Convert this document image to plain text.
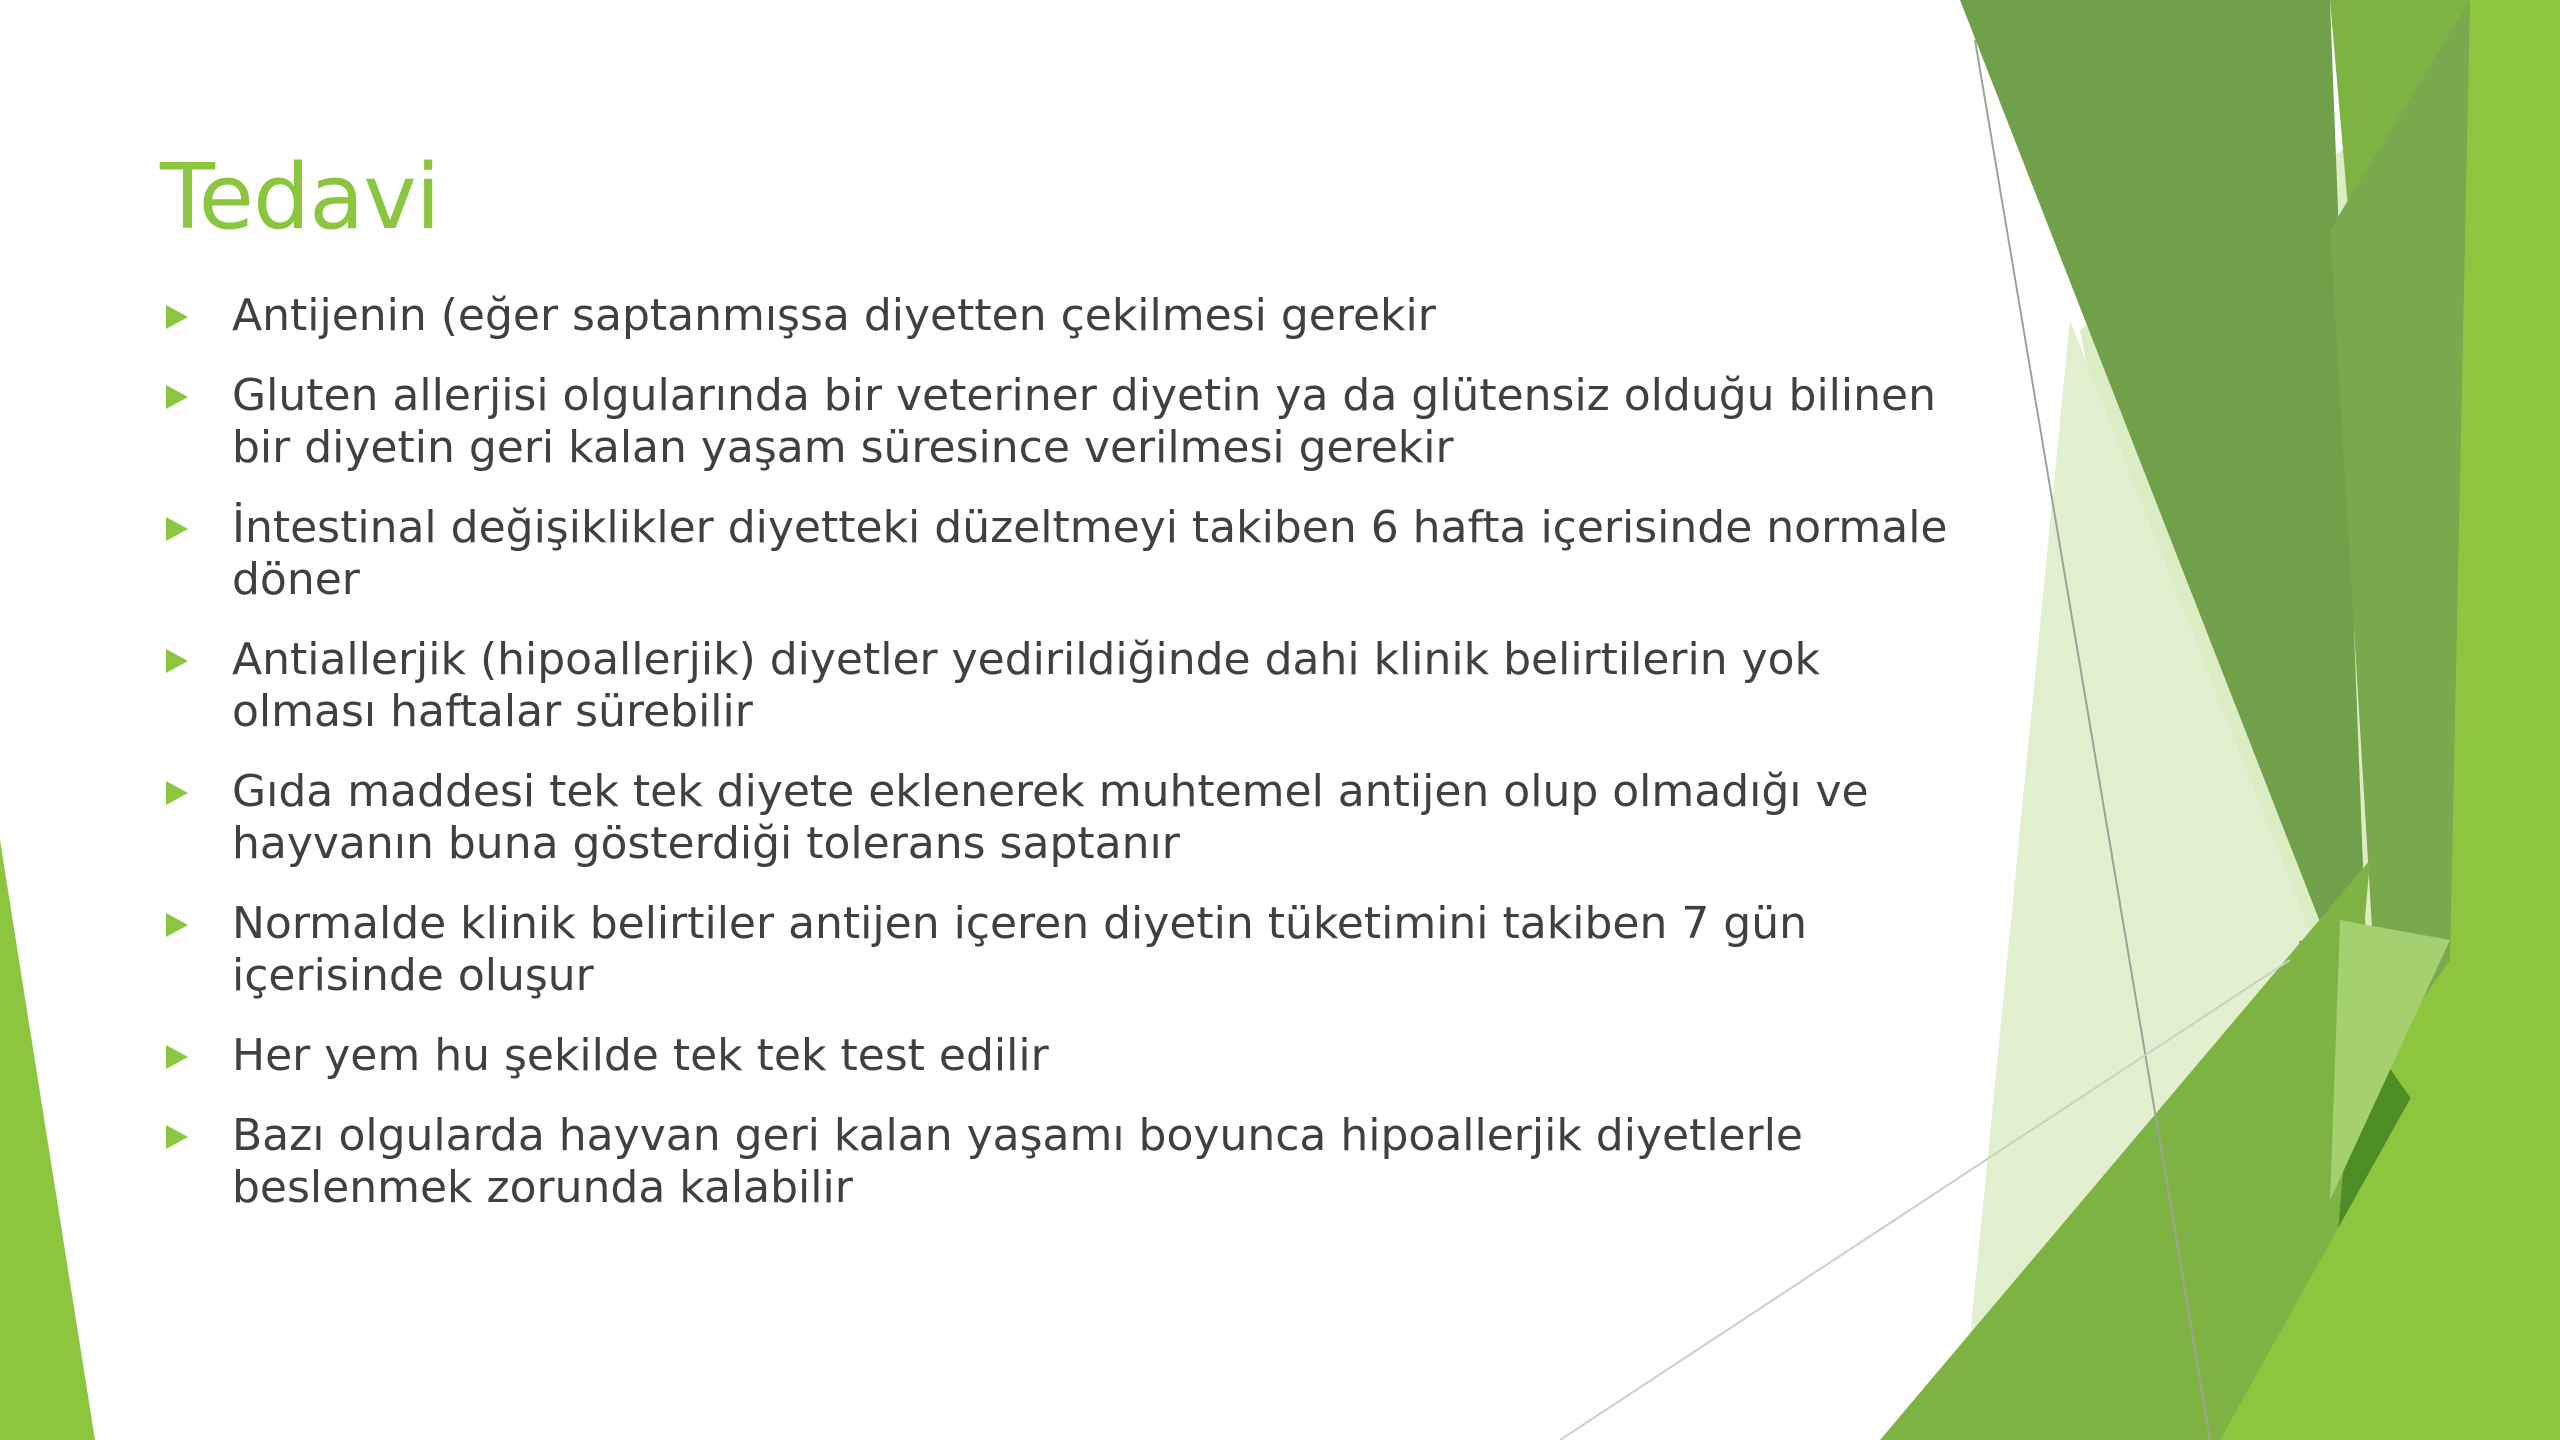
Tedavi
Antijenin (eğer saptanmışsa diyetten çekilmesi gerekir
Gluten allerjisi olgularında bir veteriner diyetin ya da glütensiz olduğu bilinen bir diyetin geri kalan yaşam süresince verilmesi gerekir
İntestinal değişiklikler diyetteki düzeltmeyi takiben 6 hafta içerisinde normale döner
Antiallerjik (hipoallerjik) diyetler yedirildiğinde dahi klinik belirtilerin yok olması haftalar sürebilir
Gıda maddesi tek tek diyete eklenerek muhtemel antijen olup olmadığı ve hayvanın buna gösterdiği tolerans saptanır
Normalde klinik belirtiler antijen içeren diyetin tüketimini takiben 7 gün içerisinde oluşur
Her yem hu şekilde tek tek test edilir
Bazı olgularda hayvan geri kalan yaşamı boyunca hipoallerjik diyetlerle beslenmek zorunda kalabilir
